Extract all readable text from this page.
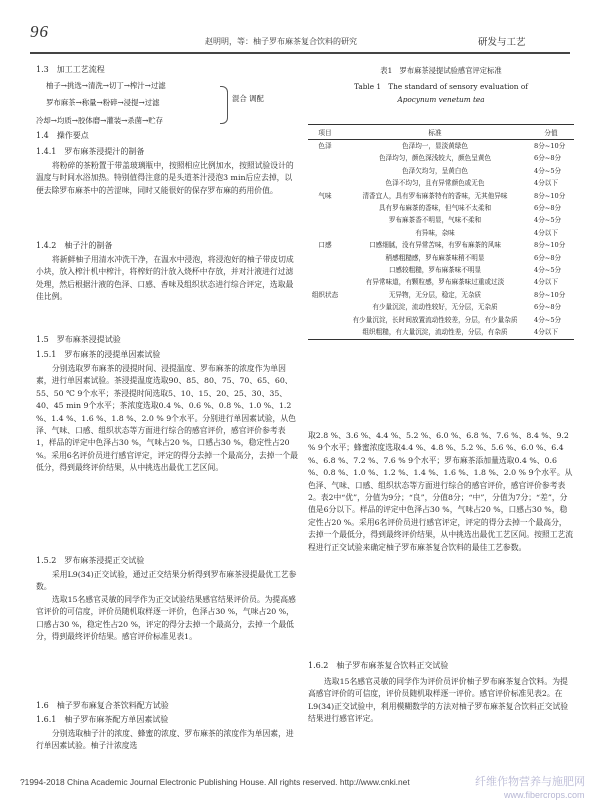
96
赵明明，等：柚子罗布麻茶复合饮料的研究	研发与工艺
1.3　加工工艺流程
柚子→挑选→清洗→切丁→榨汁→过滤
罗布麻茶→称量→粉碎→浸提→过滤	混合 调配
冷却→均质→胶体磨→灌装→杀菌→贮存
1.4　操作要点
1.4.1　罗布麻茶浸提汁的制备

将粉碎的茶粉置于带盖玻璃瓶中，按照相应比例加水，按照试验设计的温度与时间水浴加热。特别值得注意的是头道茶汁浸泡3 min后应去掉，以便去除罗布麻茶中的苦涩味，同时又能很好的保存罗布麻的药用价值。

1.4.2　柚子汁的制备

将新鲜柚子用清水冲洗干净，在温水中浸泡，将浸泡好的柚子带皮切成小块，放入榨汁机中榨汁，将榨好的汁放入烧杯中存放，并对汁液进行过滤处理，然后根据汁液的色泽、口感、香味及组织状态进行综合评定，选取最佳比例。

1.5　罗布麻茶浸提试验
1.5.1　罗布麻茶的浸提单因素试验

分别选取罗布麻茶的浸提时间、浸提温度、罗布麻茶的浓度作为单因素，进行单因素试验。茶浸提温度选取90、85、80、75、70、65、60、55、50 ℃ 9个水平；茶浸提时间选取5、10、15、20、25、30、35、40、45 min 9个水平；茶浓度选取0.4 %、0.6 %、0.8 %、1.0 %、1.2 %、1.4 %、1.6 %、1.8 %、2.0 % 9个水平。分别进行单因素试验，从色泽、气味、口感、组织状态等方面进行综合的感官评价，感官评价参考表1，样品的评定中色泽占30 %，气味占20 %，口感占30 %，稳定性占20 %。采用6名评价员进行感官评定，评定的得分去掉一个最高分，去掉一个最低分，得到最终评价结果，从中挑选出最优工艺区间。

1.5.2　罗布麻茶浸提正交试验

采用L9(34)正交试验，通过正交结果分析得到罗布麻茶浸提最优工艺参数。

选取15名感官灵敏的同学作为正交试验结果感官结果评价员。为提高感官评价的可信度，评价员随机取样逐一评价，色泽占30 %，气味占20 %，口感占30 %，稳定性占20 %，评定的得分去掉一个最高分，去掉一个最低分，得到最终评价结果。感官评价标准见表1。

1.6　柚子罗布麻复合茶饮料配方试验
1.6.1　柚子罗布麻茶配方单因素试验

分别选取柚子汁的浓度、蜂蜜的浓度、罗布麻茶的浓度作为单因素，进行单因素试验。柚子汁浓度选

表1　罗布麻茶浸提试验感官评定标准
Table 1　The standard of sensory evaluation of
Apocynum venetum tea
项目	标准	分值
色泽	色泽均一，显淡黄绿色	8分~10分
	色泽均匀，颜色深浅较大，颜色呈黄色	6分~8分
	色泽欠均匀，呈黄白色	4分~5分
	色泽不均匀，且有异常颜色或无色	4分以下
气味	清香宜人，具有罗布麻茶特有的香味，无其他异味	8分~10分
	具有罗布麻茶的香味，但气味不太柔和	6分~8分
	罗布麻茶香不明显，气味不柔和	4分~5分
	有异味，杂味	4分以下
口感	口感细腻，没有异常苦味，有罗布麻茶的风味	8分~10分
	稍感粗糙感，罗布麻茶味稍不明显	6分~8分
	口感较粗糙，罗布麻茶味不明显	4分~5分
	有异常味道，有颗粒感，罗布麻茶味过重或过淡	4分以下
组织状态	无异物，无分层，稳定，无杂质	8分~10分
	有少量沉淀，流动性较好，无分层，无杂质	6分~8分
	有少量沉淀，长时间放置流动性较差，分层，有少量杂质	4分~5分
	组织粗糙，有大量沉淀，流动性差，分层，有杂质	4分以下

取2.8 %、3.6 %、4.4 %、5.2 %、6.0 %、6.8 %、7.6 %、8.4 %、9.2 % 9个水平；蜂蜜浓度选取4.4 %、4.8 %、5.2 %、5.6 %、6.0 %、6.4 %、6.8 %、7.2 %、7.6 % 9个水平；罗布麻茶添加量选取0.4 %、0.6 %、0.8 %、1.0 %、1.2 %、1.4 %、1.6 %、1.8 %、2.0 % 9个水平。从色泽、气味、口感、组织状态等方面进行综合的感官评价，感官评价参考表2。表2中“优”，分值为9分；“良”，分值8分；“中”，分值为7分；“差”，分值是6分以下。样品的评定中色泽占30 %，气味占20 %，口感占30 %，稳定性占20 %。采用6名评价员进行感官评定，评定的得分去掉一个最高分，去掉一个最低分，得到最终评价结果，从中挑选出最优工艺区间。按照工艺流程进行正交试验来确定柚子罗布麻茶复合饮料的最佳工艺参数。

1.6.2　柚子罗布麻茶复合饮料正交试验

选取15名感官灵敏的同学作为评价员评价柚子罗布麻茶复合饮料。为提高感官评价的可信度，评价员随机取样逐一评价。感官评价标准见表2。在L9(34)正交试验中，利用模糊数学的方法对柚子罗布麻茶复合饮料正交试验结果进行感官评定。

?1994-2018 China Academic Journal Electronic Publishing House. All rights reserved. http://www.cnki.net	纤维作物营养与施肥网
www.fibercrops.com
